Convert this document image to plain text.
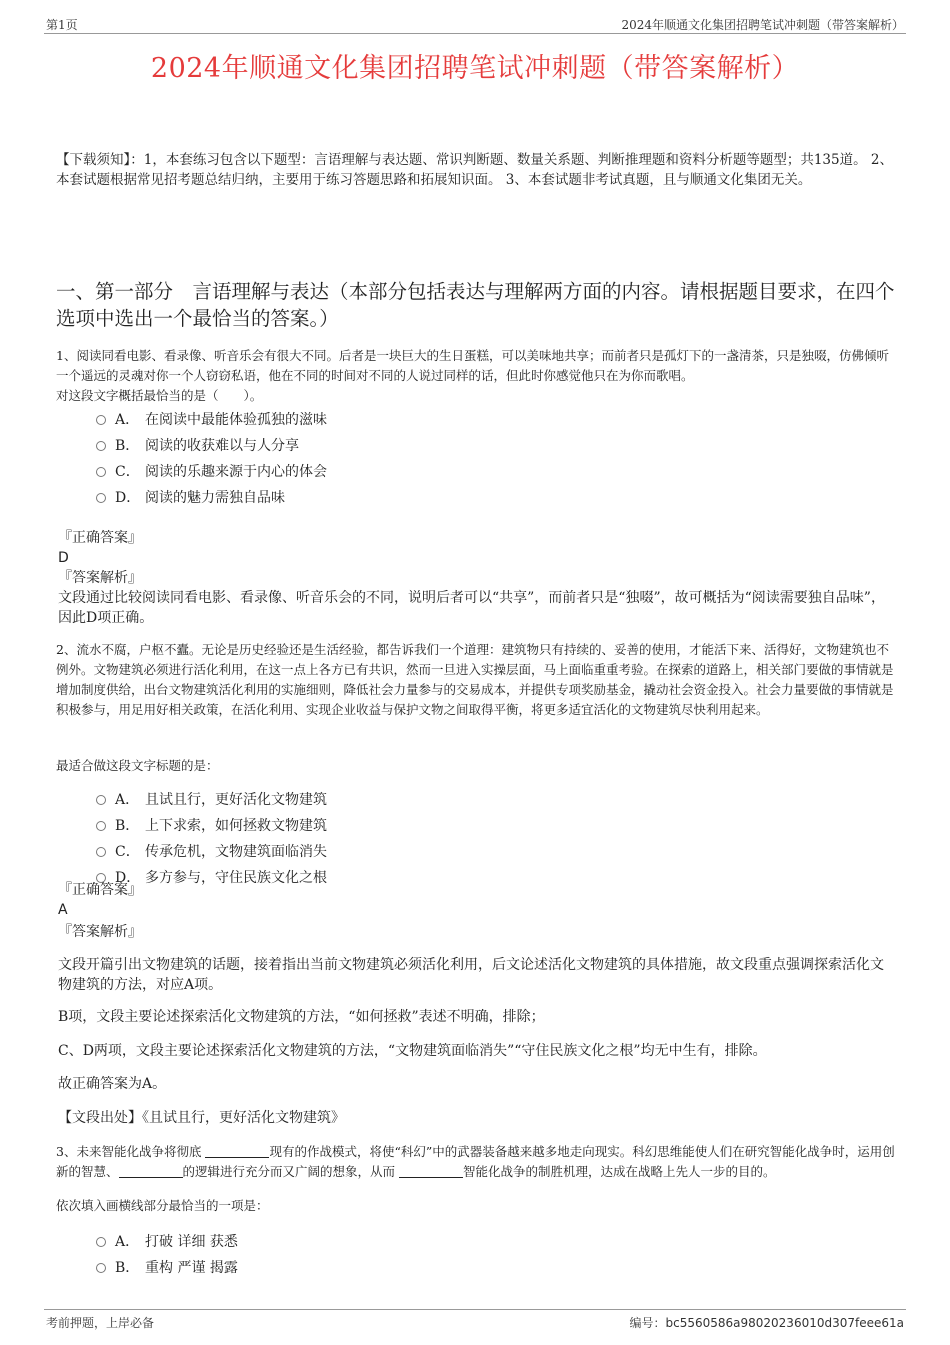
第1页	2024年顺通文化集团招聘笔试冲刺题（带答案解析）
2024年顺通文化集团招聘笔试冲刺题（带答案解析）
【下载须知】：1，本套练习包含以下题型：言语理解与表达题、常识判断题、数量关系题、判断推理题和资料分析题等题型；共135道。 2、本套试题根据常见招考题总结归纳，主要用于练习答题思路和拓展知识面。 3、本套试题非考试真题，且与顺通文化集团无关。
一、第一部分　言语理解与表达（本部分包括表达与理解两方面的内容。请根据题目要求，在四个选项中选出一个最恰当的答案。）
1、阅读同看电影、看录像、听音乐会有很大不同。后者是一块巨大的生日蛋糕，可以美味地共享；而前者只是孤灯下的一盏清茶，只是独啜，仿佛倾听一个遥远的灵魂对你一个人窃窃私语，他在不同的时间对不同的人说过同样的话，但此时你感觉他只在为你而歌唱。
对这段文字概括最恰当的是（　　）。
A． 在阅读中最能体验孤独的滋味
B． 阅读的收获难以与人分享
C． 阅读的乐趣来源于内心的体会
D． 阅读的魅力需独自品味
『正确答案』
D
『答案解析』
文段通过比较阅读同看电影、看录像、听音乐会的不同，说明后者可以“共享”，而前者只是“独啜”，故可概括为“阅读需要独自品味”，因此D项正确。
2、流水不腐，户枢不蠹。无论是历史经验还是生活经验，都告诉我们一个道理：建筑物只有持续的、妥善的使用，才能活下来、活得好，文物建筑也不例外。文物建筑必须进行活化利用，在这一点上各方已有共识，然而一旦进入实操层面，马上面临重重考验。在探索的道路上，相关部门要做的事情就是增加制度供给，出台文物建筑活化利用的实施细则，降低社会力量参与的交易成本，并提供专项奖励基金，撬动社会资金投入。社会力量要做的事情就是积极参与，用足用好相关政策，在活化利用、实现企业收益与保护文物之间取得平衡，将更多适宜活化的文物建筑尽快利用起来。
最适合做这段文字标题的是：
A． 且试且行，更好活化文物建筑
B． 上下求索，如何拯救文物建筑
C． 传承危机，文物建筑面临消失
D． 多方参与，守住民族文化之根
『正确答案』
A
『答案解析』
文段开篇引出文物建筑的话题，接着指出当前文物建筑必须活化利用，后文论述活化文物建筑的具体措施，故文段重点强调探索活化文物建筑的方法，对应A项。
B项，文段主要论述探索活化文物建筑的方法，“如何拯救”表述不明确，排除；
C、D两项，文段主要论述探索活化文物建筑的方法，“文物建筑面临消失”“守住民族文化之根”均无中生有，排除。
故正确答案为A。
【文段出处】《且试且行，更好活化文物建筑》
3、未来智能化战争将彻底	现有的作战模式，将使“科幻”中的武器装备越来越多地走向现实。科幻思维能使人们在研究智能化战争时，运用创新的智慧、	的逻辑进行充分而又广阔的想象，从而	智能化战争的制胜机理，达成在战略上先人一步的目的。
依次填入画横线部分最恰当的一项是：
A． 打破 详细 获悉
B． 重构 严谨 揭露
考前押题，上岸必备	编号：bc5560586a98020236010d307feee61a
